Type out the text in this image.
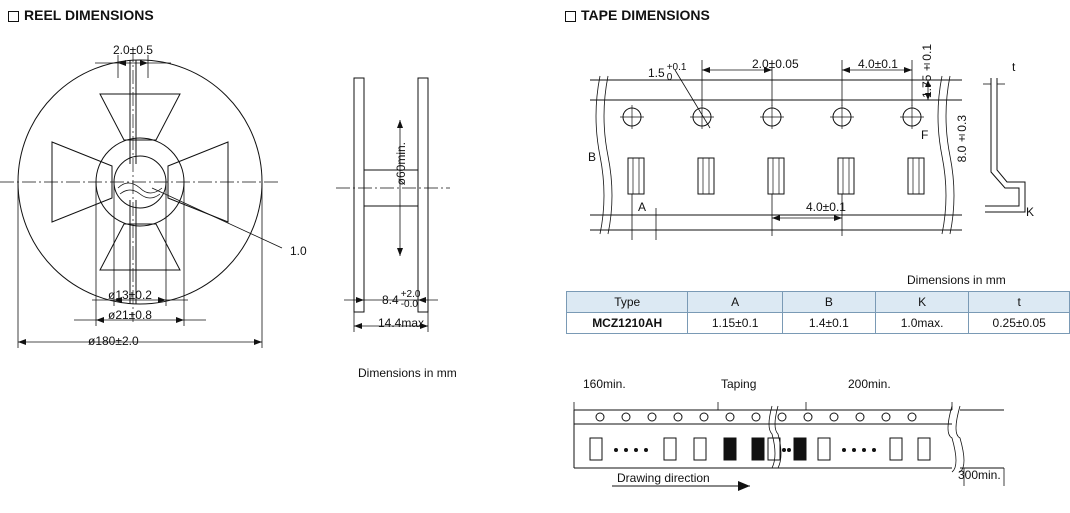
REEL DIMENSIONS	TAPE DIMENSIONS
2.0±0.5
1.0
ø13±0.2
ø21±0.8
ø180±2.0
ø60min.
8.4 +2.0
-0.0
14.4max.
Dimensions in mm
1.5 +0.1
0
2.0±0.05	4.0±0.1 1.75±0.1
8.0±0.3
B
A
F
4.0±0.1
t
K
Dimensions in mm
Type	A	B	K	t
MCZ1210AH	1.15±0.1	1.4±0.1	1.0max.	0.25±0.05
160min.	Taping	200min.
Drawing direction	300min.
